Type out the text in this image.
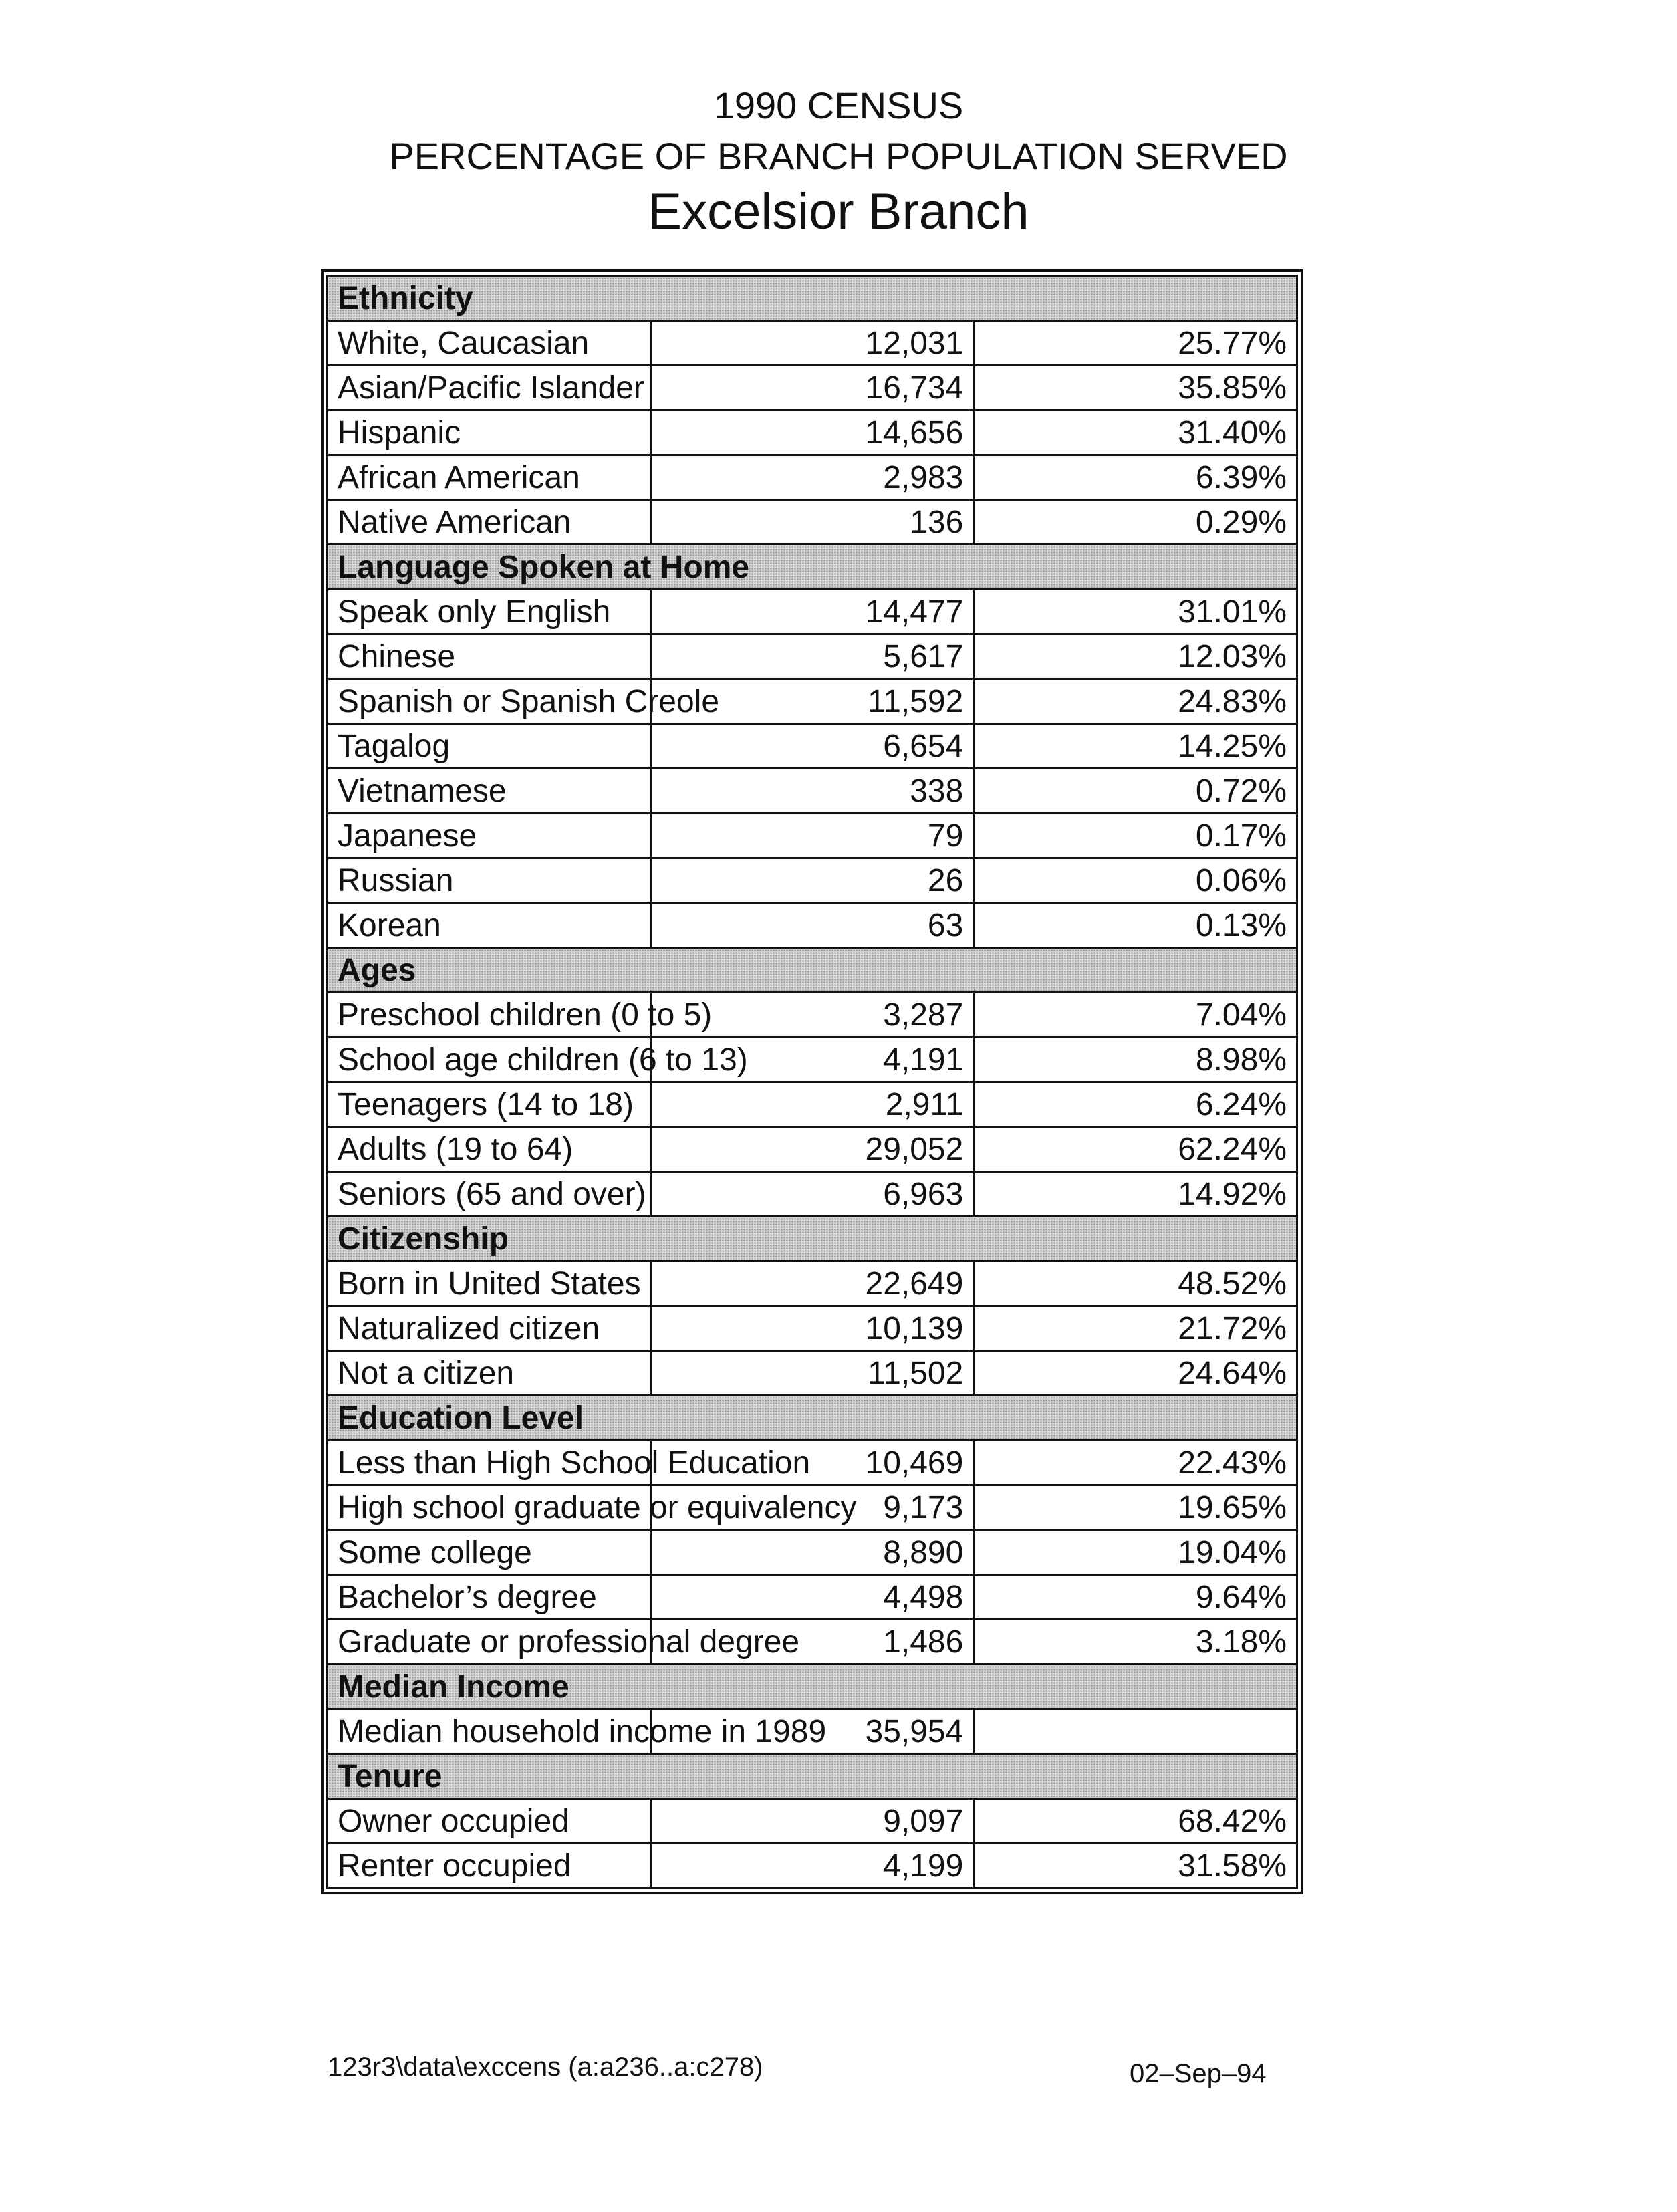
1990 CENSUS
PERCENTAGE OF BRANCH POPULATION SERVED
Excelsior Branch
Ethnicity		
White, Caucasian	12,031	25.77%
Asian/Pacific Islander	16,734	35.85%
Hispanic	14,656	31.40%
African American	2,983	6.39%
Native American	136	0.29%
Language Spoken at Home		
Speak only English	14,477	31.01%
Chinese	5,617	12.03%
Spanish or Spanish Creole	11,592	24.83%
Tagalog	6,654	14.25%
Vietnamese	338	0.72%
Japanese	79	0.17%
Russian	26	0.06%
Korean	63	0.13%
Ages		
Preschool children (0 to 5)	3,287	7.04%
School age children (6 to 13)	4,191	8.98%
Teenagers (14 to 18)	2,911	6.24%
Adults (19 to 64)	29,052	62.24%
Seniors (65 and over)	6,963	14.92%
Citizenship		
Born in United States	22,649	48.52%
Naturalized citizen	10,139	21.72%
Not a citizen	11,502	24.64%
Education Level		
Less than High School Education	10,469	22.43%
High school graduate or equivalency	9,173	19.65%
Some college	8,890	19.04%
Bachelor’s degree	4,498	9.64%
Graduate or professional degree	1,486	3.18%
Median Income		
Median household income in 1989	35,954	
Tenure		
Owner occupied	9,097	68.42%
Renter occupied	4,199	31.58%
123r3\data\exccens (a:a236..a:c278)	02–Sep–94
